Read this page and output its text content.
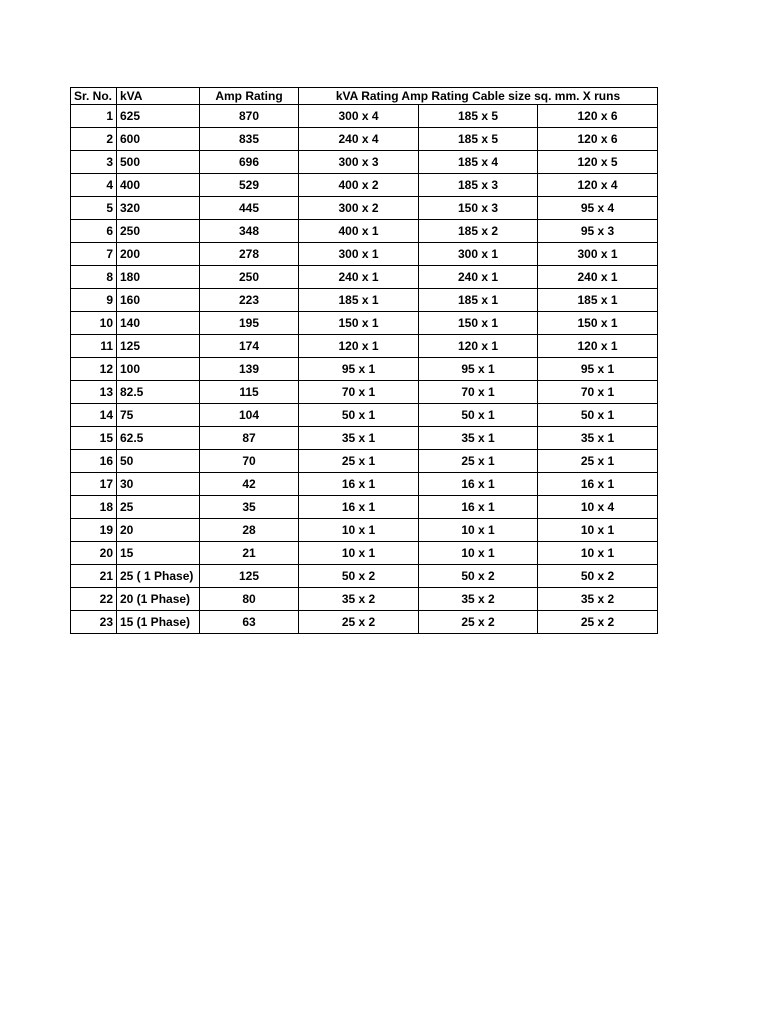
Sr. No.	kVA	Amp Rating	kVA Rating Amp Rating Cable size sq. mm. X runs		
1	625	870	300 x 4	185 x 5	120 x 6
2	600	835	240 x 4	185 x 5	120 x 6
3	500	696	300 x 3	185 x 4	120 x 5
4	400	529	400 x 2	185 x 3	120 x 4
5	320	445	300 x 2	150 x 3	95 x 4
6	250	348	400 x 1	185 x 2	95 x 3
7	200	278	300 x 1	300 x 1	300 x 1
8	180	250	240 x 1	240 x 1	240 x 1
9	160	223	185 x 1	185 x 1	185 x 1
10	140	195	150 x 1	150 x 1	150 x 1
11	125	174	120 x 1	120 x 1	120 x 1
12	100	139	95 x 1	95 x 1	95 x 1
13	82.5	115	70 x 1	70 x 1	70 x 1
14	75	104	50 x 1	50 x 1	50 x 1
15	62.5	87	35 x 1	35 x 1	35 x 1
16	50	70	25 x 1	25 x 1	25 x 1
17	30	42	16 x 1	16 x 1	16 x 1
18	25	35	16 x 1	16 x 1	10 x 4
19	20	28	10 x 1	10 x 1	10 x 1
20	15	21	10 x 1	10 x 1	10 x 1
21	25 ( 1 Phase)	125	50 x 2	50 x 2	50 x 2
22	20 (1 Phase)	80	35 x 2	35 x 2	35 x 2
23	15 (1 Phase)	63	25 x 2	25 x 2	25 x 2
